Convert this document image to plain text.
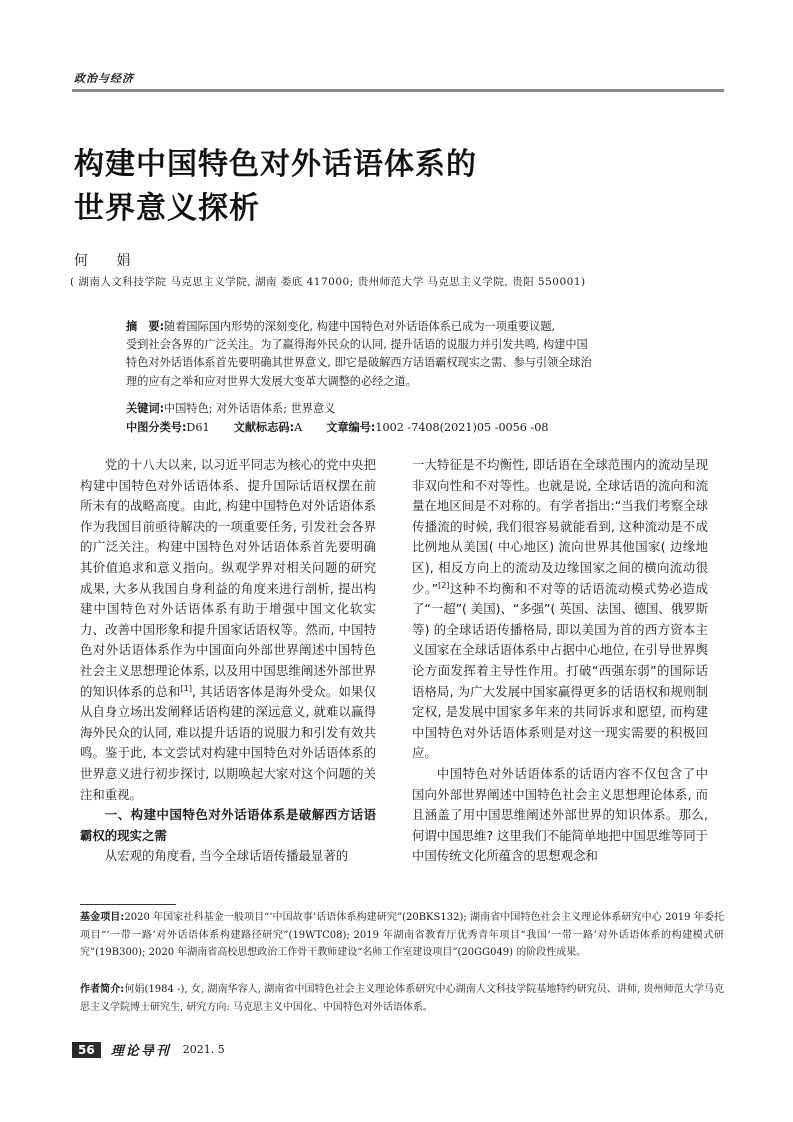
政治与经济
构建中国特色对外话语体系的
世界意义探析
何 娟
( 湖南人文科技学院 马克思主义学院, 湖南 娄底 417000; 贵州师范大学 马克思主义学院, 贵阳 550001)
摘　要:随着国际国内形势的深刻变化, 构建中国特色对外话语体系已成为一项重要议题,
受到社会各界的广泛关注。为了赢得海外民众的认同, 提升话语的说服力并引发共鸣, 构建中国
特色对外话语体系首先要明确其世界意义, 即它是破解西方话语霸权现实之需、参与引领全球治
理的应有之举和应对世界大发展大变革大调整的必经之道。
关键词:中国特色; 对外话语体系; 世界意义
中图分类号:D61 文献标志码:A 文章编号:1002 -7408(2021)05 -0056 -08

党的十八大以来, 以习近平同志为核心的党中央把构建中国特色对外话语体系、提升国际话语权摆在前所未有的战略高度。由此, 构建中国特色对外话语体系作为我国目前亟待解决的一项重要任务, 引发社会各界的广泛关注。构建中国特色对外话语体系首先要明确其价值追求和意义指向。纵观学界对相关问题的研究成果, 大多从我国自身利益的角度来进行剖析, 提出构建中国特色对外话语体系有助于增强中国文化软实力、改善中国形象和提升国家话语权等。然而, 中国特色对外话语体系作为中国面向外部世界阐述中国特色社会主义思想理论体系, 以及用中国思维阐述外部世界的知识体系的总和[1], 其话语客体是海外受众。如果仅从自身立场出发阐释话语构建的深远意义, 就难以赢得海外民众的认同, 难以提升话语的说服力和引发有效共鸣。鉴于此, 本文尝试对构建中国特色对外话语体系的世界意义进行初步探讨, 以期唤起大家对这个问题的关注和重视。

一、构建中国特色对外话语体系是破解西方话语霸权的现实之需

从宏观的角度看, 当今全球话语传播最显著的

一大特征是不均衡性, 即话语在全球范围内的流动呈现非双向性和不对等性。也就是说, 全球话语的流向和流量在地区间是不对称的。有学者指出:“当我们考察全球传播流的时候, 我们很容易就能看到, 这种流动是不成比例地从美国( 中心地区) 流向世界其他国家( 边缘地区), 相反方向上的流动及边缘国家之间的横向流动很少。”[2]这种不均衡和不对等的话语流动模式势必造成了“一超”( 美国)、“多强”( 英国、法国、德国、俄罗斯等) 的全球话语传播格局, 即以美国为首的西方资本主义国家在全球话语体系中占据中心地位, 在引导世界舆论方面发挥着主导性作用。打破“西强东弱”的国际话语格局, 为广大发展中国家赢得更多的话语权和规则制定权, 是发展中国家多年来的共同诉求和愿望, 而构建中国特色对外话语体系则是对这一现实需要的积极回应。

中国特色对外话语体系的话语内容不仅包含了中国向外部世界阐述中国特色社会主义思想理论体系, 而且涵盖了用中国思维阐述外部世界的知识体系。那么, 何谓中国思维? 这里我们不能简单地把中国思维等同于中国传统文化所蕴含的思想观念和

基金项目:2020 年国家社科基金一般项目“‘中国故事’话语体系构建研究”(20BKS132); 湖南省中国特色社会主义理论体系研究中心 2019 年委托项目“‘一带一路’对外话语体系构建路径研究”(19WTC08); 2019 年湖南省教育厅优秀青年项目“我国‘一带一路’对外话语体系的构建模式研究”(19B300); 2020 年湖南省高校思想政治工作骨干教师建设“名师工作室建设项目”(20GG049) 的阶段性成果。
作者简介:何娟(1984 -), 女, 湖南华容人, 湖南省中国特色社会主义理论体系研究中心湖南人文科技学院基地特约研究员、讲师, 贵州师范大学马克思主义学院博士研究生, 研究方向: 马克思主义中国化、中国特色对外话语体系。
56	理论导刊 2021. 5
